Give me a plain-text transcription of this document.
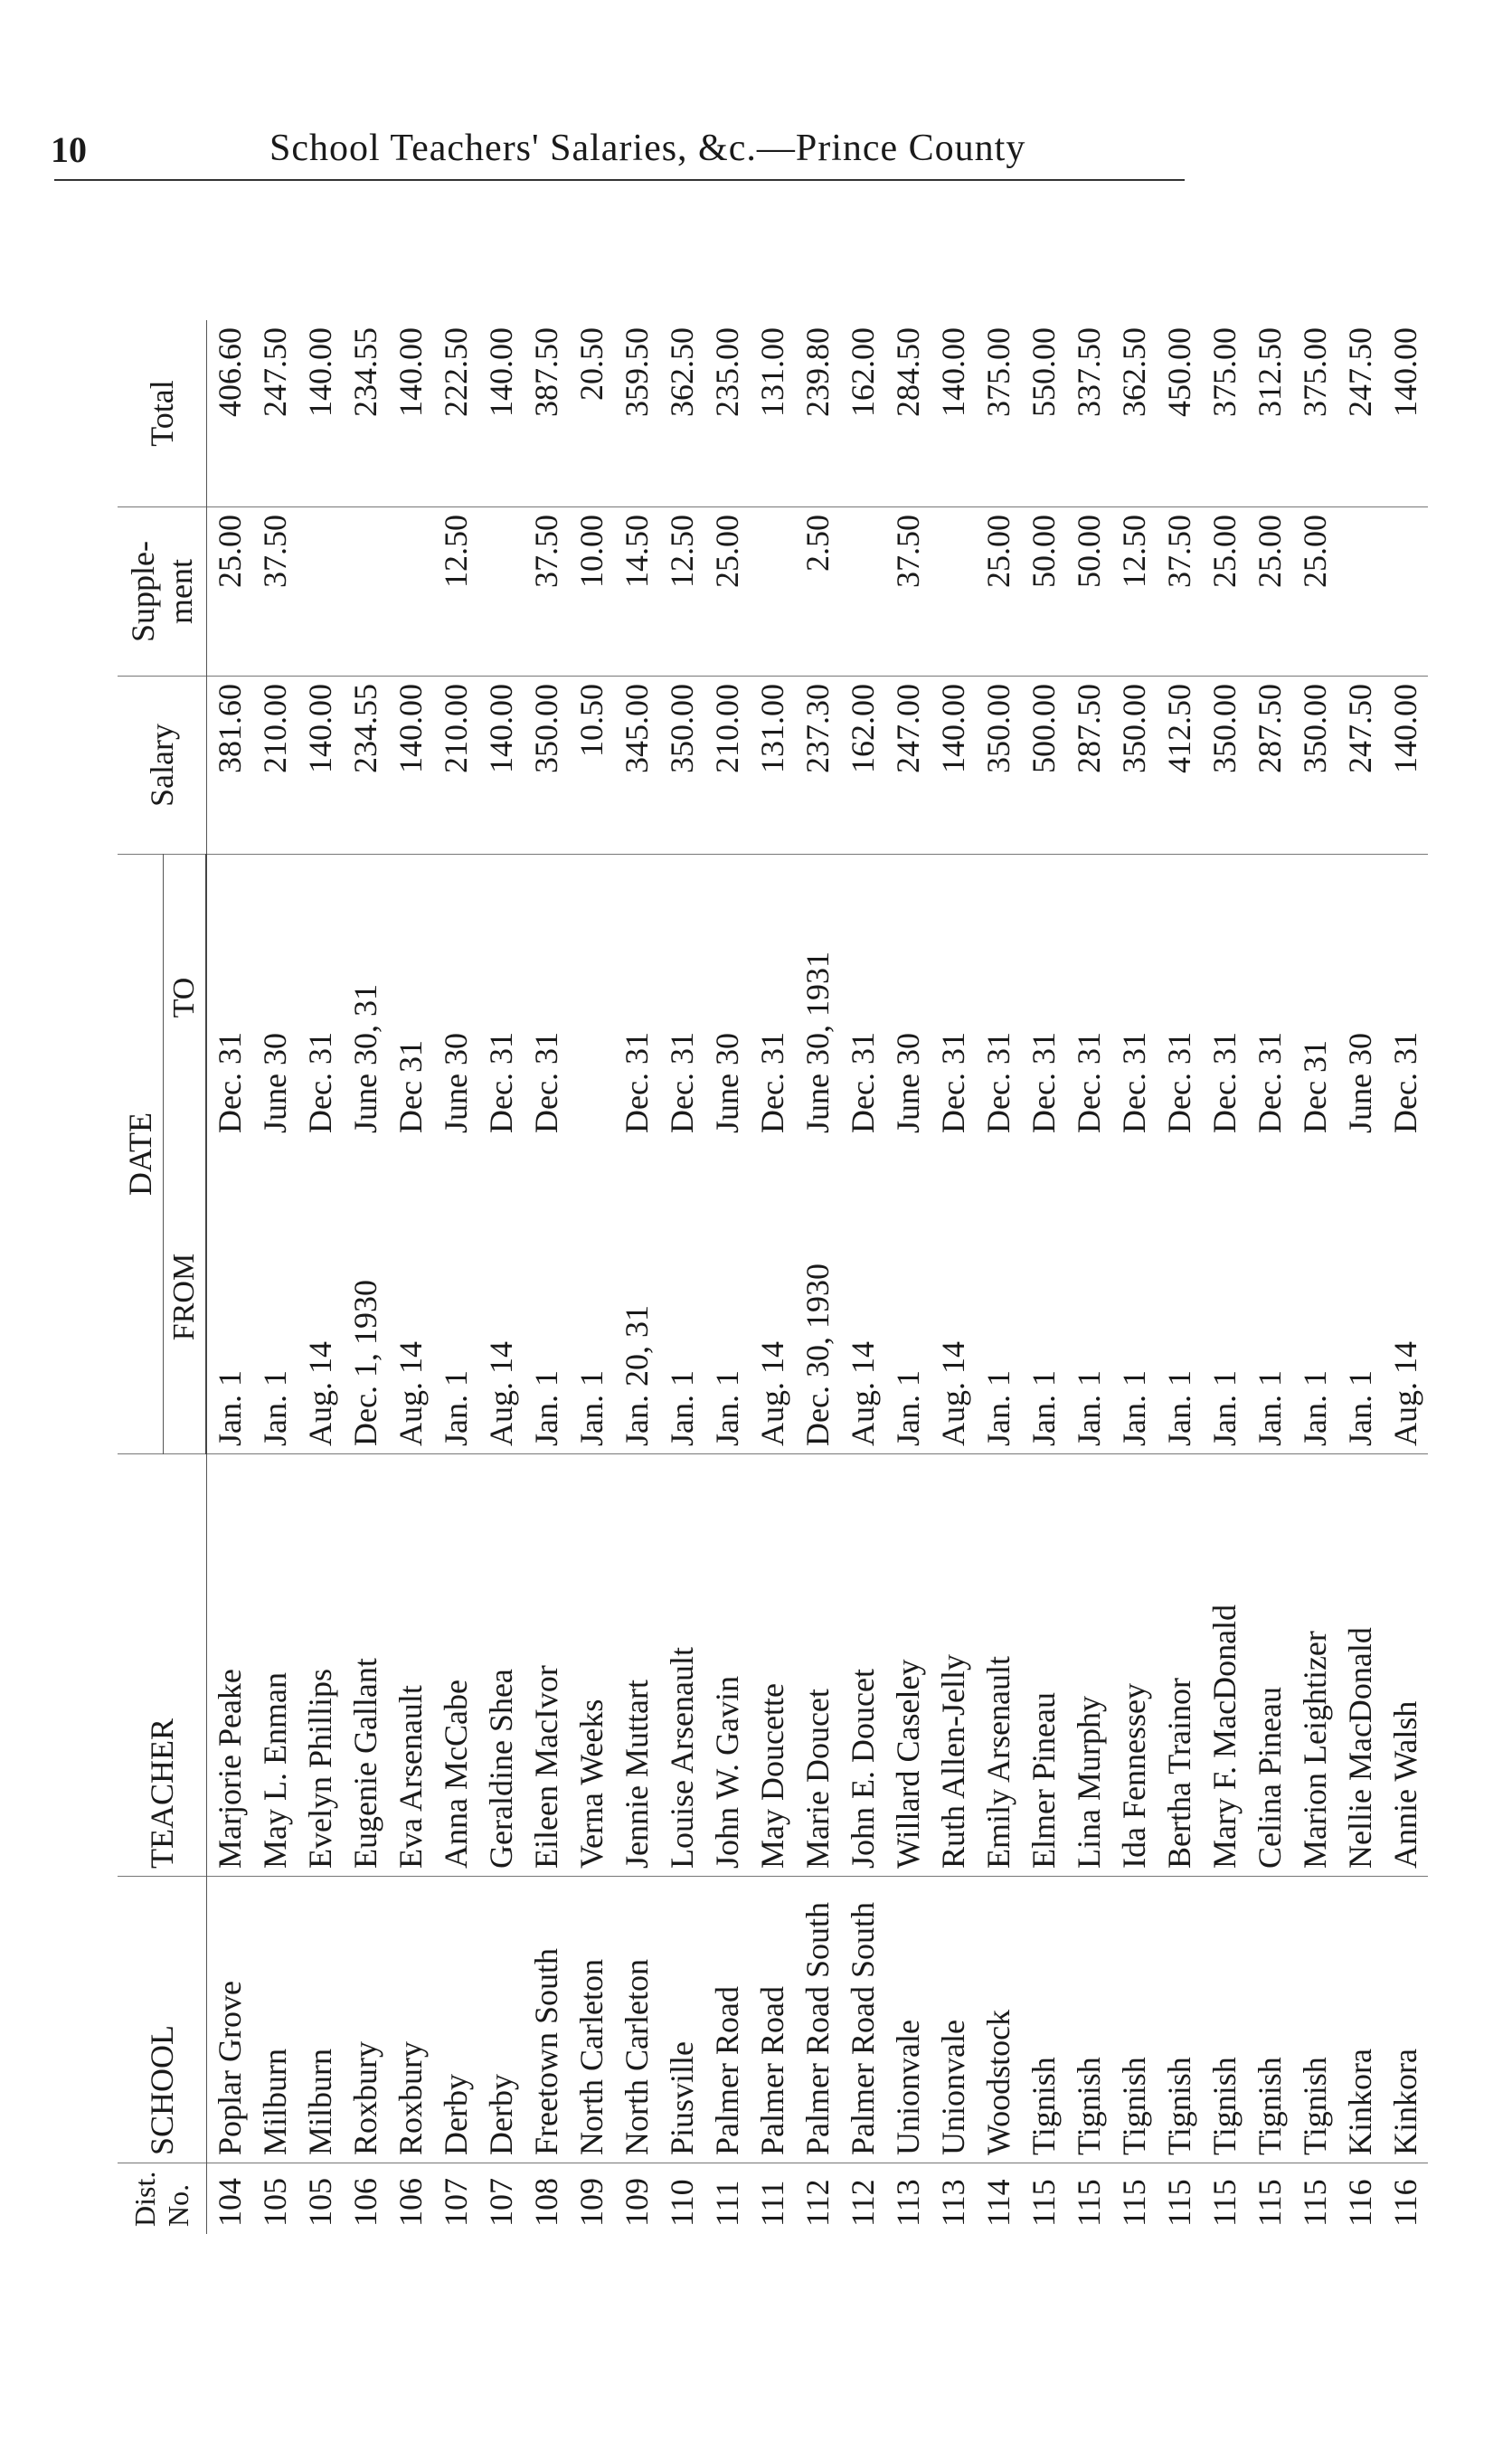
10	School Teachers' Salaries, &c.—Prince County
Dist. No.	SCHOOL	TEACHER	DATE		Salary	Supple-ment	Total
			FROM	TO			
104	Poplar Grove	Marjorie Peake	Jan. 1	Dec. 31	381.60	25.00	406.60
105	Milburn	May L. Enman	Jan. 1	June 30	210.00	37.50	247.50
105	Milburn	Evelyn Phillips	Aug. 14	Dec. 31	140.00		140.00
106	Roxbury	Eugenie Gallant	Dec. 1, 1930	June 30, 31	234.55		234.55
106	Roxbury	Eva Arsenault	Aug. 14	Dec 31	140.00		140.00
107	Derby	Anna McCabe	Jan. 1	June 30	210.00	12.50	222.50
107	Derby	Geraldine Shea	Aug. 14	Dec. 31	140.00		140.00
108	Freetown South	Eileen MacIvor	Jan. 1	Dec. 31	350.00	37.50	387.50
109	North Carleton	Verna Weeks	Jan. 1		10.50	10.00	20.50
109	North Carleton	Jennie Muttart	Jan. 20, 31	Dec. 31	345.00	14.50	359.50
110	Piusville	Louise Arsenault	Jan. 1	Dec. 31	350.00	12.50	362.50
111	Palmer Road	John W. Gavin	Jan. 1	June 30	210.00	25.00	235.00
111	Palmer Road	May Doucette	Aug. 14	Dec. 31	131.00		131.00
112	Palmer Road South	Marie Doucet	Dec. 30, 1930	June 30, 1931	237.30	2.50	239.80
112	Palmer Road South	John E. Doucet	Aug. 14	Dec. 31	162.00		162.00
113	Unionvale	Willard Caseley	Jan. 1	June 30	247.00	37.50	284.50
113	Unionvale	Ruth Allen-Jelly	Aug. 14	Dec. 31	140.00		140.00
114	Woodstock	Emily Arsenault	Jan. 1	Dec. 31	350.00	25.00	375.00
115	Tignish	Elmer Pineau	Jan. 1	Dec. 31	500.00	50.00	550.00
115	Tignish	Lina Murphy	Jan. 1	Dec. 31	287.50	50.00	337.50
115	Tignish	Ida Fennessey	Jan. 1	Dec. 31	350.00	12.50	362.50
115	Tignish	Bertha Trainor	Jan. 1	Dec. 31	412.50	37.50	450.00
115	Tignish	Mary F. MacDonald	Jan. 1	Dec. 31	350.00	25.00	375.00
115	Tignish	Celina Pineau	Jan. 1	Dec. 31	287.50	25.00	312.50
115	Tignish	Marion Leightizer	Jan. 1	Dec 31	350.00	25.00	375.00
116	Kinkora	Nellie MacDonald	Jan. 1	June 30	247.50		247.50
116	Kinkora	Annie Walsh	Aug. 14	Dec. 31	140.00		140.00
